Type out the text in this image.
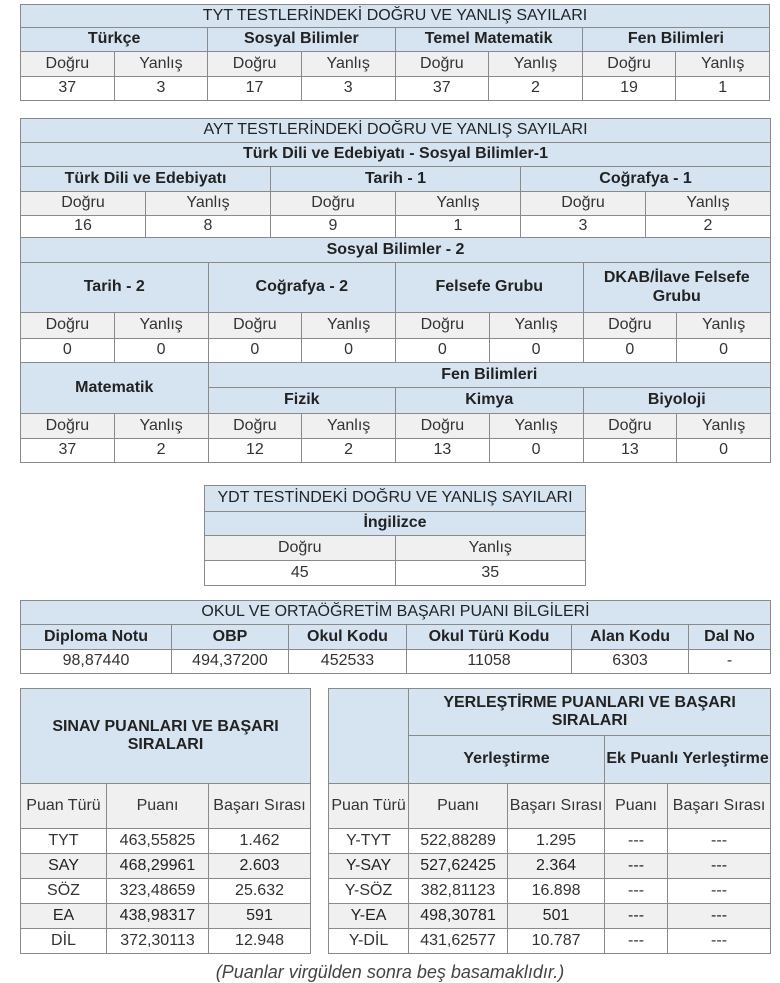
TYT TESTLERİNDEKİ DOĞRU VE YANLIŞ SAYILARI							
Türkçe		Sosyal Bilimler		Temel Matematik		Fen Bilimleri	
Doğru	Yanlış	Doğru	Yanlış	Doğru	Yanlış	Doğru	Yanlış
37	3	17	3	37	2	19	1
AYT TESTLERİNDEKİ DOĞRU VE YANLIŞ SAYILARI											
Türk Dili ve Edebiyatı - Sosyal Bilimler-1											
Türk Dili ve Edebiyatı				Tarih - 1				Coğrafya - 1			
Doğru		Yanlış		Doğru		Yanlış		Doğru		Yanlış	
16		8		9		1		3		2	
Sosyal Bilimler - 2											
Tarih - 2			Coğrafya - 2			Felsefe Grubu			DKAB/İlave Felsefe Grubu		
Doğru	Yanlış		Doğru		Yanlış	Doğru	Yanlış		Doğru		Yanlış
0	0		0		0	0	0		0		0
Matematik			Fen Bilimleri								
			Fizik			Kimya			Biyoloji		
Doğru	Yanlış		Doğru		Yanlış	Doğru	Yanlış		Doğru		Yanlış
37	2		12		2	13	0		13		0
YDT TESTİNDEKİ DOĞRU VE YANLIŞ SAYILARI	
İngilizce	
Doğru	Yanlış
45	35
OKUL VE ORTAÖĞRETİM BAŞARI PUANI BİLGİLERİ					
Diploma Notu	OBP	Okul Kodu	Okul Türü Kodu	Alan Kodu	Dal No
98,87440	494,37200	452533	11058	6303	-
SINAV PUANLARI VE BAŞARI SIRALARI					YERLEŞTİRME PUANLARI VE BAŞARI SIRALARI			
					Yerleştirme		Ek Puanlı Yerleştirme	
Puan Türü	Puanı	Başarı Sırası		Puan Türü	Puanı	Başarı Sırası	Puanı	Başarı Sırası
TYT	463,55825	1.462		Y-TYT	522,88289	1.295	---	---
SAY	468,29961	2.603		Y-SAY	527,62425	2.364	---	---
SÖZ	323,48659	25.632		Y-SÖZ	382,81123	16.898	---	---
EA	438,98317	591		Y-EA	498,30781	501	---	---
DİL	372,30113	12.948		Y-DİL	431,62577	10.787	---	---
(Puanlar virgülden sonra beş basamaklıdır.)
